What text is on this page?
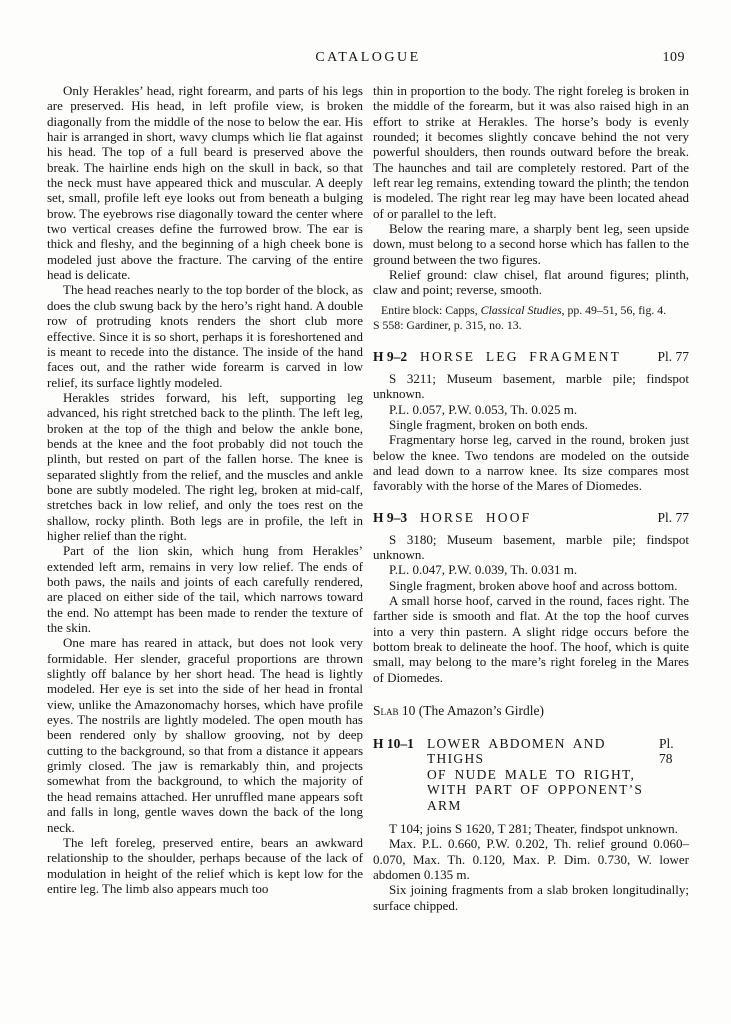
CATALOGUE	109

Only Herakles’ head, right forearm, and parts of his legs are preserved. His head, in left profile view, is broken diagonally from the middle of the nose to below the ear. His hair is arranged in short, wavy clumps which lie flat against his head. The top of a full beard is preserved above the break. The hairline ends high on the skull in back, so that the neck must have appeared thick and muscular. A deeply set, small, profile left eye looks out from beneath a bulging brow. The eyebrows rise diagonally toward the center where two vertical creases define the furrowed brow. The ear is thick and fleshy, and the beginning of a high cheek bone is modeled just above the fracture. The carving of the entire head is delicate.

The head reaches nearly to the top border of the block, as does the club swung back by the hero’s right hand. A double row of protruding knots renders the short club more effective. Since it is so short, perhaps it is foreshortened and is meant to recede into the distance. The inside of the hand faces out, and the rather wide forearm is carved in low relief, its surface lightly modeled.

Herakles strides forward, his left, supporting leg advanced, his right stretched back to the plinth. The left leg, broken at the top of the thigh and below the ankle bone, bends at the knee and the foot probably did not touch the plinth, but rested on part of the fallen horse. The knee is separated slightly from the relief, and the muscles and ankle bone are subtly modeled. The right leg, broken at mid-calf, stretches back in low relief, and only the toes rest on the shallow, rocky plinth. Both legs are in profile, the left in higher relief than the right.

Part of the lion skin, which hung from Herakles’ extended left arm, remains in very low relief. The ends of both paws, the nails and joints of each carefully rendered, are placed on either side of the tail, which narrows toward the end. No attempt has been made to render the texture of the skin.

One mare has reared in attack, but does not look very formidable. Her slender, graceful proportions are thrown slightly off balance by her short head. The head is lightly modeled. Her eye is set into the side of her head in frontal view, unlike the Amazonomachy horses, which have profile eyes. The nostrils are lightly modeled. The open mouth has been rendered only by shallow grooving, not by deep cutting to the background, so that from a distance it appears grimly closed. The jaw is remarkably thin, and projects somewhat from the background, to which the majority of the head remains attached. Her unruffled mane appears soft and falls in long, gentle waves down the back of the long neck.

The left foreleg, preserved entire, bears an awkward relationship to the shoulder, perhaps because of the lack of modulation in height of the relief which is kept low for the entire leg. The limb also appears much too

thin in proportion to the body. The right foreleg is broken in the middle of the forearm, but it was also raised high in an effort to strike at Herakles. The horse’s body is evenly rounded; it becomes slightly concave behind the not very powerful shoulders, then rounds outward before the break. The haunches and tail are completely restored. Part of the left rear leg remains, extending toward the plinth; the tendon is modeled. The right rear leg may have been located ahead of or parallel to the left.

Below the rearing mare, a sharply bent leg, seen upside down, must belong to a second horse which has fallen to the ground between the two figures.

Relief ground: claw chisel, flat around figures; plinth, claw and point; reverse, smooth.

Entire block: Capps, Classical Studies, pp. 49–51, 56, fig. 4.
S 558: Gardiner, p. 315, no. 13.
H 9–2 HORSE LEG FRAGMENT	Pl. 77

S 3211; Museum basement, marble pile; findspot unknown.

P.L. 0.057, P.W. 0.053, Th. 0.025 m.

Single fragment, broken on both ends.

Fragmentary horse leg, carved in the round, broken just below the knee. Two tendons are modeled on the outside and lead down to a narrow knee. Its size compares most favorably with the horse of the Mares of Diomedes.

H 9–3 HORSE HOOF	Pl. 77

S 3180; Museum basement, marble pile; findspot unknown.

P.L. 0.047, P.W. 0.039, Th. 0.031 m.

Single fragment, broken above hoof and across bottom.

A small horse hoof, carved in the round, faces right. The farther side is smooth and flat. At the top the hoof curves into a very thin pastern. A slight ridge occurs before the bottom break to delineate the hoof. The hoof, which is quite small, may belong to the mare’s right foreleg in the Mares of Diomedes.

Slab 10 (The Amazon’s Girdle)
H 10–1 LOWER ABDOMEN AND THIGHS
Pl. 78
OF NUDE MALE TO RIGHT,
WITH PART OF OPPONENT’S
ARM

T 104; joins S 1620, T 281; Theater, findspot unknown.

Max. P.L. 0.660, P.W. 0.202, Th. relief ground 0.060–0.070, Max. Th. 0.120, Max. P. Dim. 0.730, W. lower abdomen 0.135 m.

Six joining fragments from a slab broken longitudinally; surface chipped.
